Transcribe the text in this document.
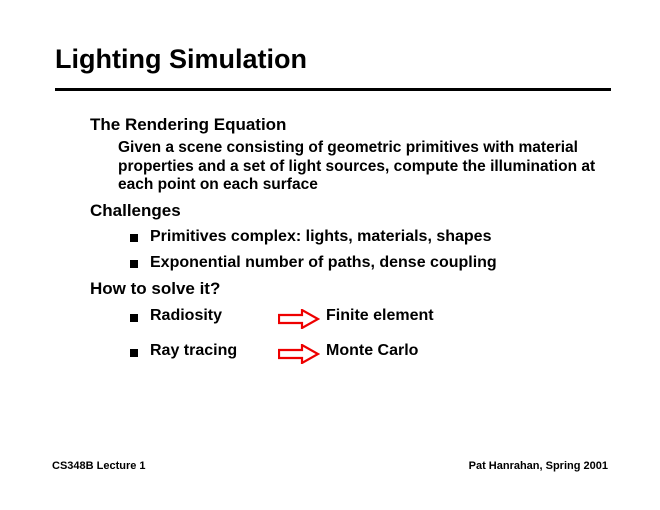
Lighting Simulation
The Rendering Equation
Given a scene consisting of geometric primitives with material properties and a set of light sources, compute the illumination at each point on each surface
Challenges
Primitives complex: lights, materials, shapes
Exponential number of paths, dense coupling
How to solve it?
Radiosity	Finite element
Ray tracing	Monte Carlo
CS348B Lecture 1	Pat Hanrahan, Spring 2001
